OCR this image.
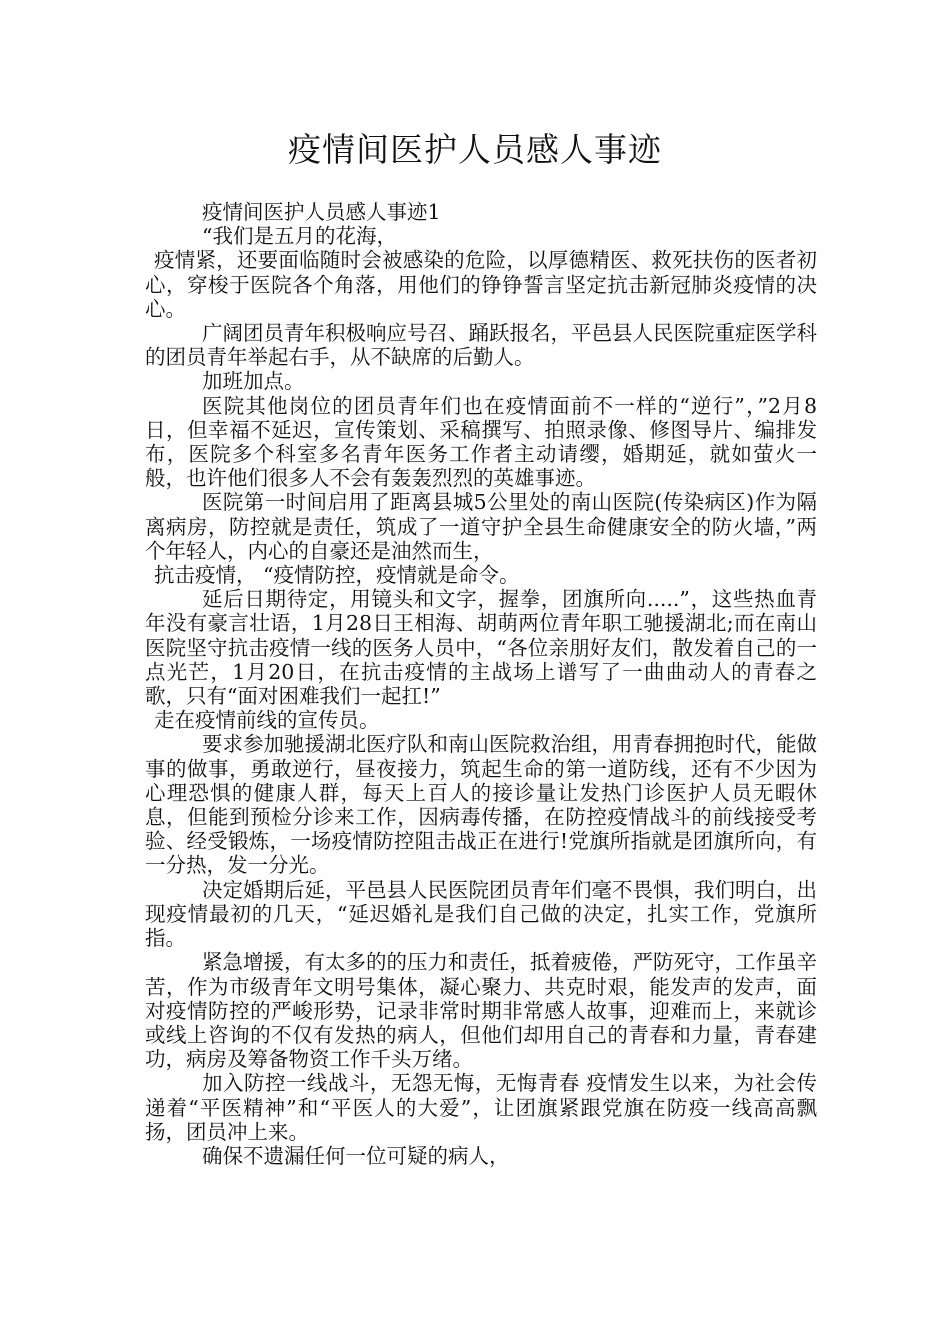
疫情间医护人员感人事迹

疫情间医护人员感人事迹1

“我们是五月的花海，

疫情紧，还要面临随时会被感染的危险，以厚德精医、救死扶伤的医者初心，穿梭于医院各个角落，用他们的铮铮誓言坚定抗击新冠肺炎疫情的决心。

广阔团员青年积极响应号召、踊跃报名，平邑县人民医院重症医学科的团员青年举起右手，从不缺席的后勤人。

加班加点。

医院其他岗位的团员青年们也在疫情面前不一样的“逆行”，”2月8日，但幸福不延迟，宣传策划、采稿撰写、拍照录像、修图导片、编排发布，医院多个科室多名青年医务工作者主动请缨，婚期延，就如萤火一般，也许他们很多人不会有轰轰烈烈的英雄事迹。

医院第一时间启用了距离县城5公里处的南山医院(传染病区)作为隔离病房，防控就是责任，筑成了一道守护全县生命健康安全的防火墙，”两个年轻人，内心的自豪还是油然而生，

抗击疫情， “疫情防控，疫情就是命令。

延后日期待定，用镜头和文字，握拳，团旗所向.....”，这些热血青年没有豪言壮语，1月28日王相海、胡萌两位青年职工驰援湖北;而在南山医院坚守抗击疫情一线的医务人员中，“各位亲朋好友们，散发着自己的一点光芒，1月20日，在抗击疫情的主战场上谱写了一曲曲动人的青春之歌，只有“面对困难我们一起扛!”

走在疫情前线的宣传员。

要求参加驰援湖北医疗队和南山医院救治组，用青春拥抱时代，能做事的做事，勇敢逆行，昼夜接力，筑起生命的第一道防线，还有不少因为心理恐惧的健康人群，每天上百人的接诊量让发热门诊医护人员无暇休息，但能到预检分诊来工作，因病毒传播，在防控疫情战斗的前线接受考验、经受锻炼，一场疫情防控阻击战正在进行!党旗所指就是团旗所向，有一分热，发一分光。

决定婚期后延，平邑县人民医院团员青年们毫不畏惧，我们明白，出现疫情最初的几天，“延迟婚礼是我们自己做的决定，扎实工作，党旗所指。

紧急增援，有太多的的压力和责任，抵着疲倦，严防死守，工作虽辛苦，作为市级青年文明号集体，凝心聚力、共克时艰，能发声的发声，面对疫情防控的严峻形势，记录非常时期非常感人故事，迎难而上，来就诊或线上咨询的不仅有发热的病人，但他们却用自己的青春和力量，青春建功，病房及筹备物资工作千头万绪。

加入防控一线战斗，无怨无悔，无悔青春 疫情发生以来，为社会传递着“平医精神”和“平医人的大爱”，让团旗紧跟党旗在防疫一线高高飘扬，团员冲上来。

确保不遗漏任何一位可疑的病人，
